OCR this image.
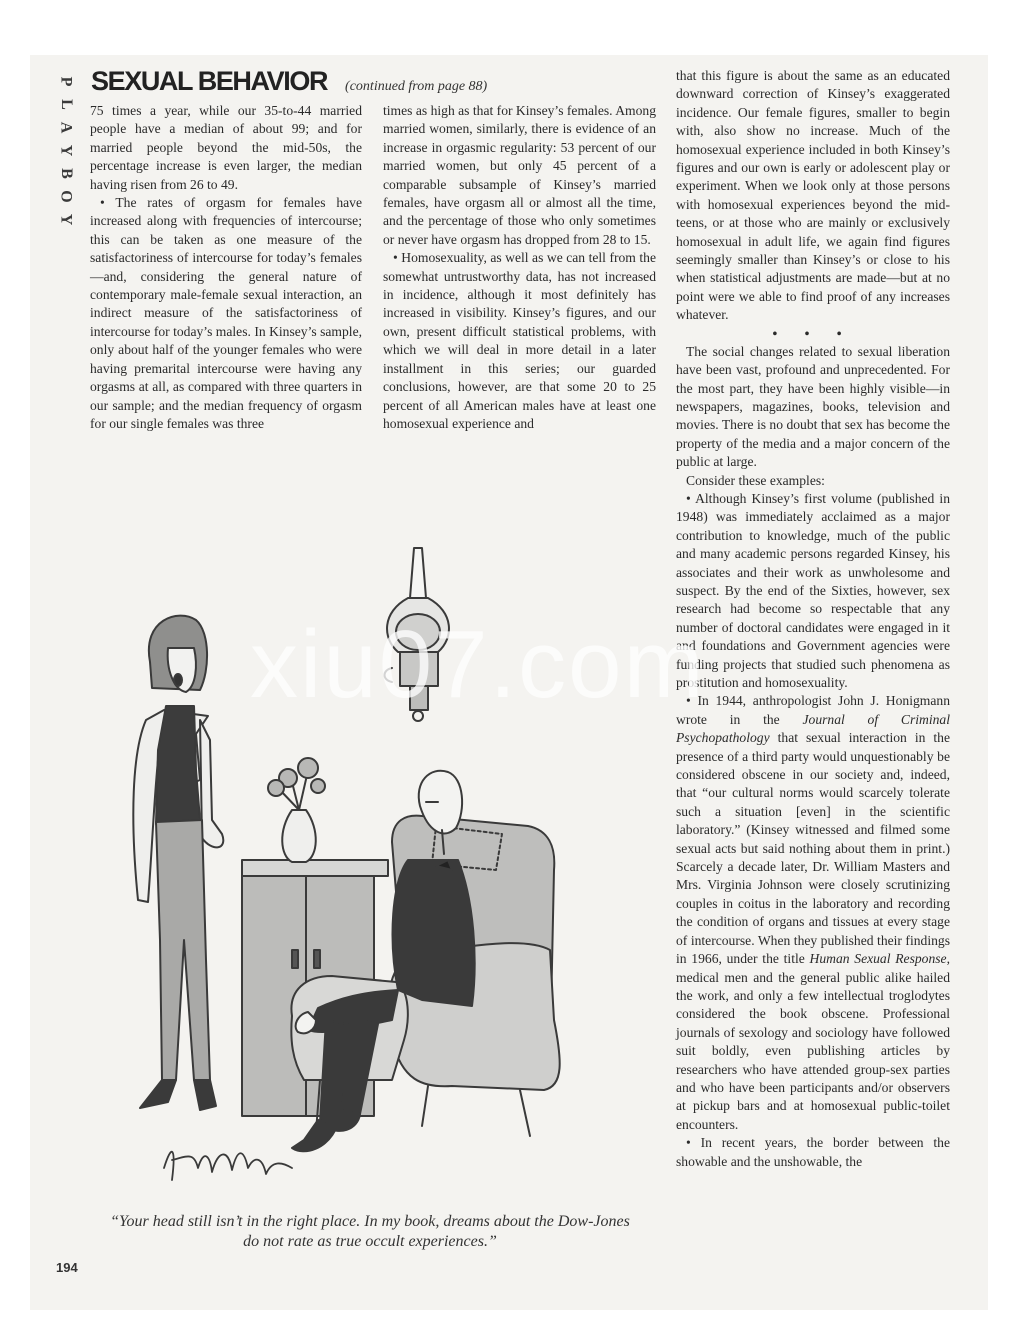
P
L
A
Y
B
O
Y
SEXUAL BEHAVIOR (continued from page 88)

75 times a year, while our 35-to-44 married people have a median of about 99; and for married people beyond the mid-50s, the percentage increase is even larger, the median having risen from 26 to 49.

• The rates of orgasm for females have increased along with frequencies of intercourse; this can be taken as one measure of the satisfactoriness of intercourse for today’s females—and, considering the general nature of contemporary male-female sexual interaction, an indirect measure of the satisfactoriness of intercourse for today’s males. In Kinsey’s sample, only about half of the younger females who were having premarital intercourse were having any orgasms at all, as compared with three quarters in our sample; and the median frequency of orgasm for our single females was three

times as high as that for Kinsey’s females. Among married women, similarly, there is evidence of an increase in orgasmic regularity: 53 percent of our married women, but only 45 percent of a comparable subsample of Kinsey’s married females, have orgasm all or almost all the time, and the percentage of those who only sometimes or never have orgasm has dropped from 28 to 15.

• Homosexuality, as well as we can tell from the somewhat untrustworthy data, has not increased in incidence, although it most definitely has increased in visibility. Kinsey’s figures, and our own, present difficult statistical problems, with which we will deal in more detail in a later installment in this series; our guarded conclusions, however, are that some 20 to 25 percent of all American males have at least one homosexual experience and

that this figure is about the same as an educated downward correction of Kinsey’s exaggerated incidence. Our female figures, smaller to begin with, also show no increase. Much of the homosexual experience included in both Kinsey’s figures and our own is early or adolescent play or experiment. When we look only at those persons with homosexual experiences beyond the mid-teens, or at those who are mainly or exclusively homosexual in adult life, we again find figures seemingly smaller than Kinsey’s or close to his when statistical adjustments are made—but at no point were we able to find proof of any increases whatever.

• • •

The social changes related to sexual liberation have been vast, profound and unprecedented. For the most part, they have been highly visible—in newspapers, magazines, books, television and movies. There is no doubt that sex has become the property of the media and a major concern of the public at large.

Consider these examples:

• Although Kinsey’s first volume (published in 1948) was immediately acclaimed as a major contribution to knowledge, much of the public and many academic persons regarded Kinsey, his associates and their work as unwholesome and suspect. By the end of the Sixties, however, sex research had become so respectable that any number of doctoral candidates were engaged in it and foundations and Government agencies were funding projects that studied such phenomena as prostitution and homosexuality.

• In 1944, anthropologist John J. Honigmann wrote in the Journal of Criminal Psychopathology that sexual interaction in the presence of a third party would unquestionably be considered obscene in our society and, indeed, that “our cultural norms would scarcely tolerate such a situation [even] in the scientific laboratory.” (Kinsey witnessed and filmed some sexual acts but said nothing about them in print.) Scarcely a decade later, Dr. William Masters and Mrs. Virginia Johnson were closely scrutinizing couples in coitus in the laboratory and recording the condition of organs and tissues at every stage of intercourse. When they published their findings in 1966, under the title Human Sexual Response, medical men and the general public alike hailed the work, and only a few intellectual troglodytes considered the book obscene. Professional journals of sexology and sociology have followed suit boldly, even publishing articles by researchers who have attended group-sex parties and who have been participants and/or observers at pickup bars and at homosexual public-toilet encounters.

• In recent years, the border between the showable and the unshowable, the

xiu07.com
“Your head still isn’t in the right place. In my book, dreams about the Dow-Jones do not rate as true occult experiences.”
194
